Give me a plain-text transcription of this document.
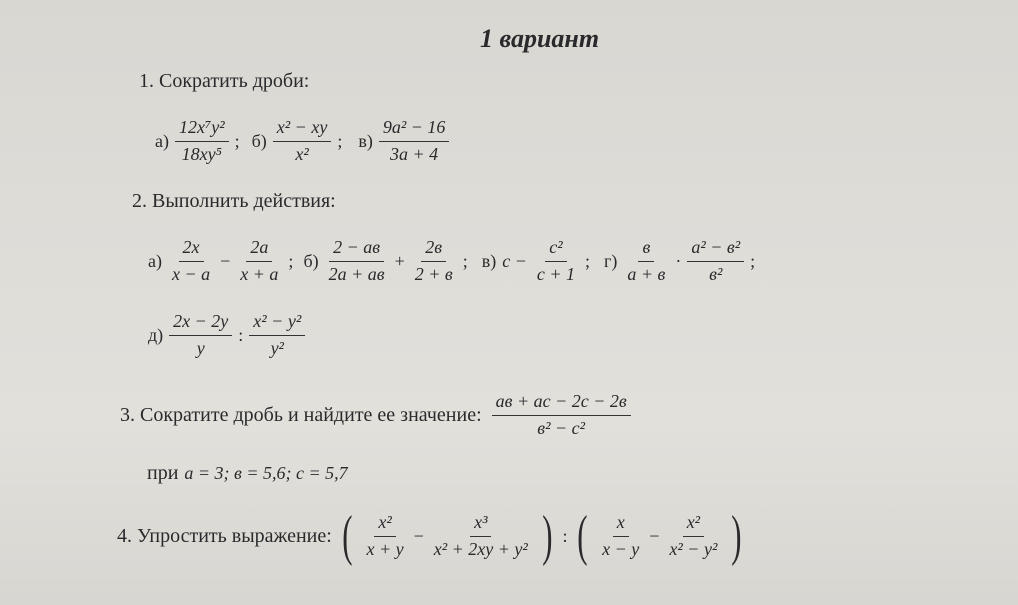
1 вариант
1. Сократить дроби:
$а) \frac{\text{12x⁷y²}}{\text{18xy⁵}}$ ; $б) \frac{\text{x² − xy}}{\text{x²}}$ ; $в) \frac{\text{9a² − 16}}{3a + 4}$
2. Выполнить действия:
$а) \frac{2x}{x - a} - \frac{2a}{x + a}$ ; $б) \frac{2 - ав}{2а + ав} + \frac{2в}{2 + в}$ ; в) $c - \frac{\text{c²}}{c + 1}$ ; $г) \frac{в}{а + в} \cdot \frac{\text{a² − в²}}{\text{в²}}$ ;
$д) \frac{2x - 2y}{y}$ : $\frac{\text{x² − y²}}{\text{y²}}$
3. Сократите дробь и найдите ее значение: $\frac{ав + ас - 2с - 2в}{\text{в² − с²}}$
при а = 3; в = 5,6; с = 5,7
4. Упростить выражение: ( $\frac{\text{x²}}{x + y} - \frac{\text{x³}}{\text{x² + 2xy + y²}}$ ) : ( $\frac{x}{x - y} - \frac{\text{x²}}{\text{x² − y²}}$ )
